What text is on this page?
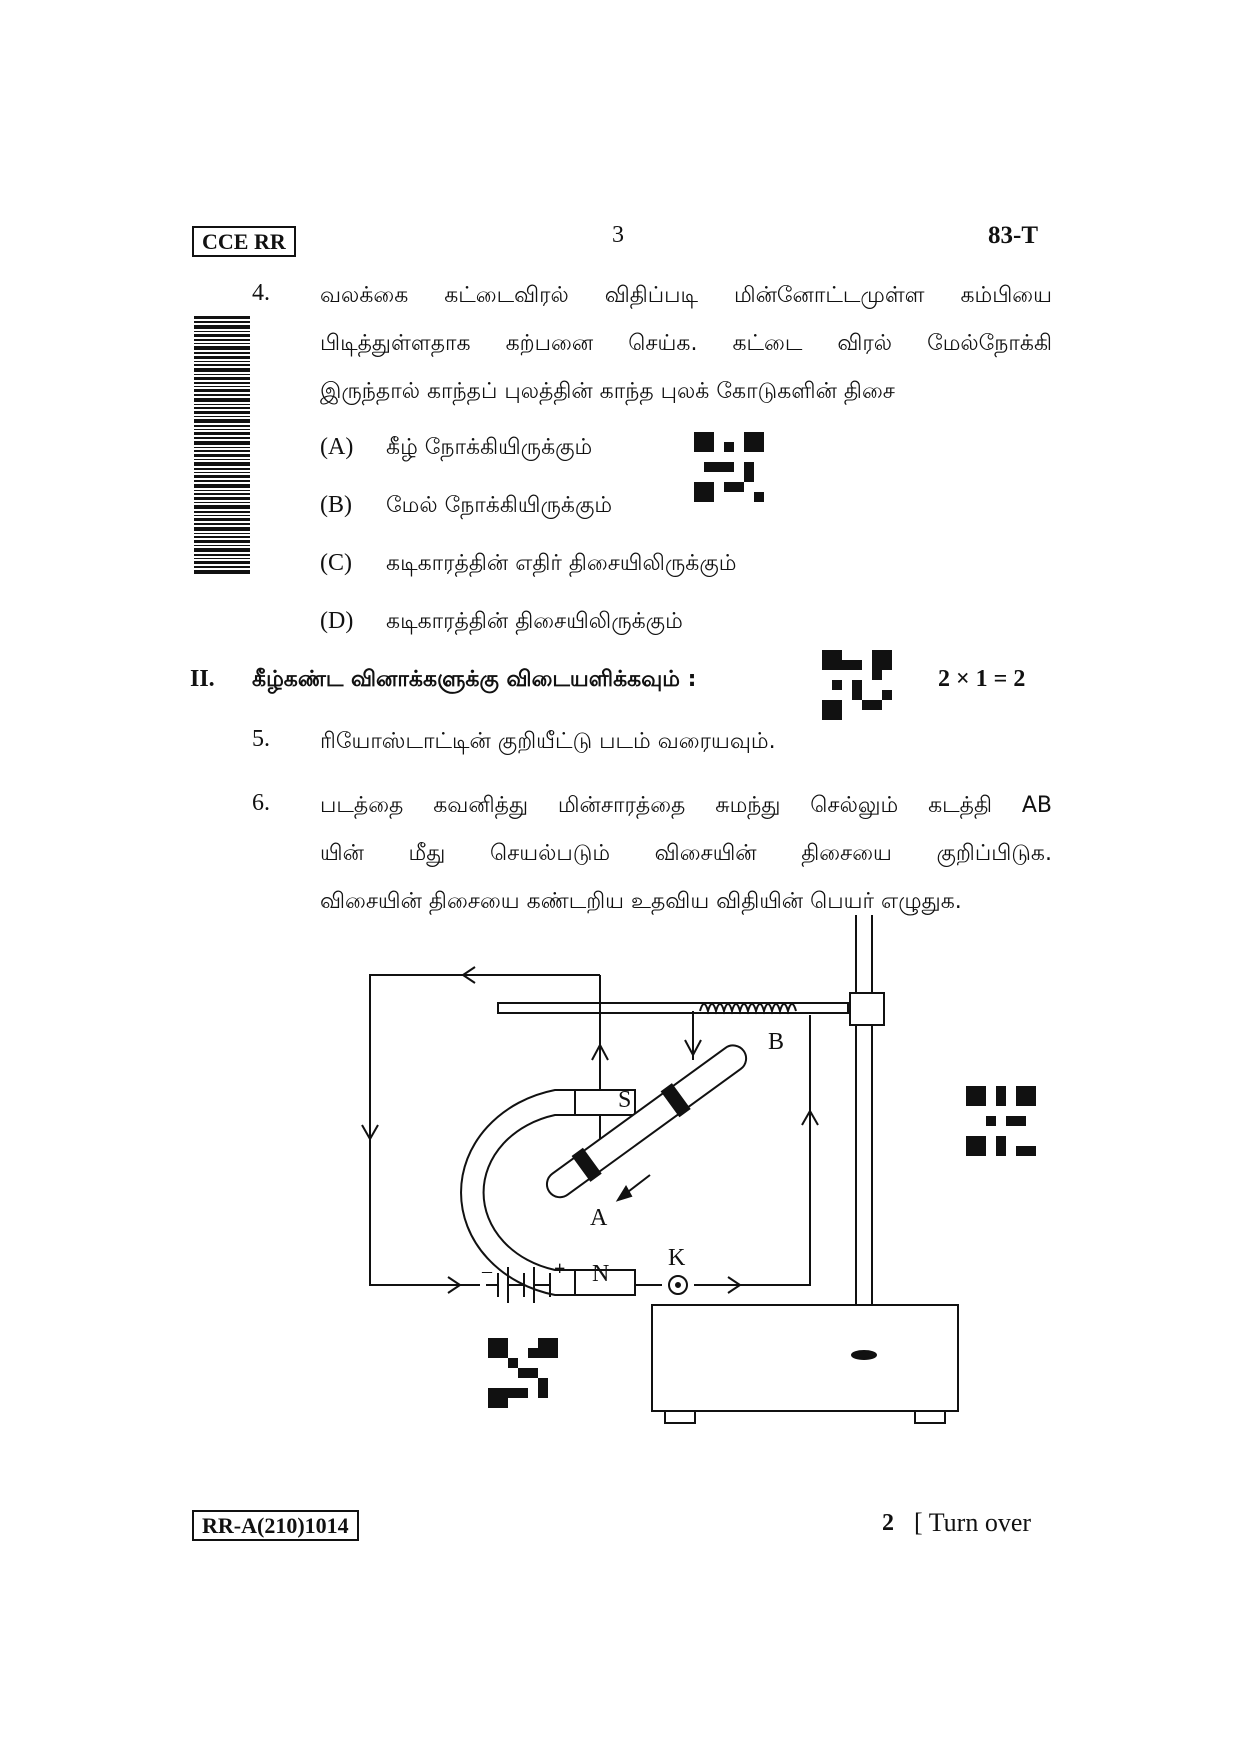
CCE RR	3	83-T
4. வலக்கை கட்டைவிரல் விதிப்படி மின்னோட்டமுள்ள கம்பியை
பிடித்துள்ளதாக கற்பனை செய்க. கட்டை விரல் மேல்நோக்கி
இருந்தால் காந்தப் புலத்தின் காந்த புலக் கோடுகளின் திசை
(A) கீழ் நோக்கியிருக்கும்
(B) மேல் நோக்கியிருக்கும்
(C) கடிகாரத்தின் எதிர் திசையிலிருக்கும்
(D) கடிகாரத்தின் திசையிலிருக்கும்
II. கீழ்கண்ட வினாக்களுக்கு விடையளிக்கவும் :	2 × 1 = 2
5. ரியோஸ்டாட்டின் குறியீட்டு படம் வரையவும்.
6. படத்தை கவனித்து மின்சாரத்தை சுமந்து செல்லும் கடத்தி AB
யின் மீது செயல்படும் விசையின் திசையை குறிப்பிடுக.
விசையின் திசையை கண்டறிய உதவிய விதியின் பெயர் எழுதுக.
S
A
N
B
K
–	+
RR-A(210)1014	2 [ Turn over
